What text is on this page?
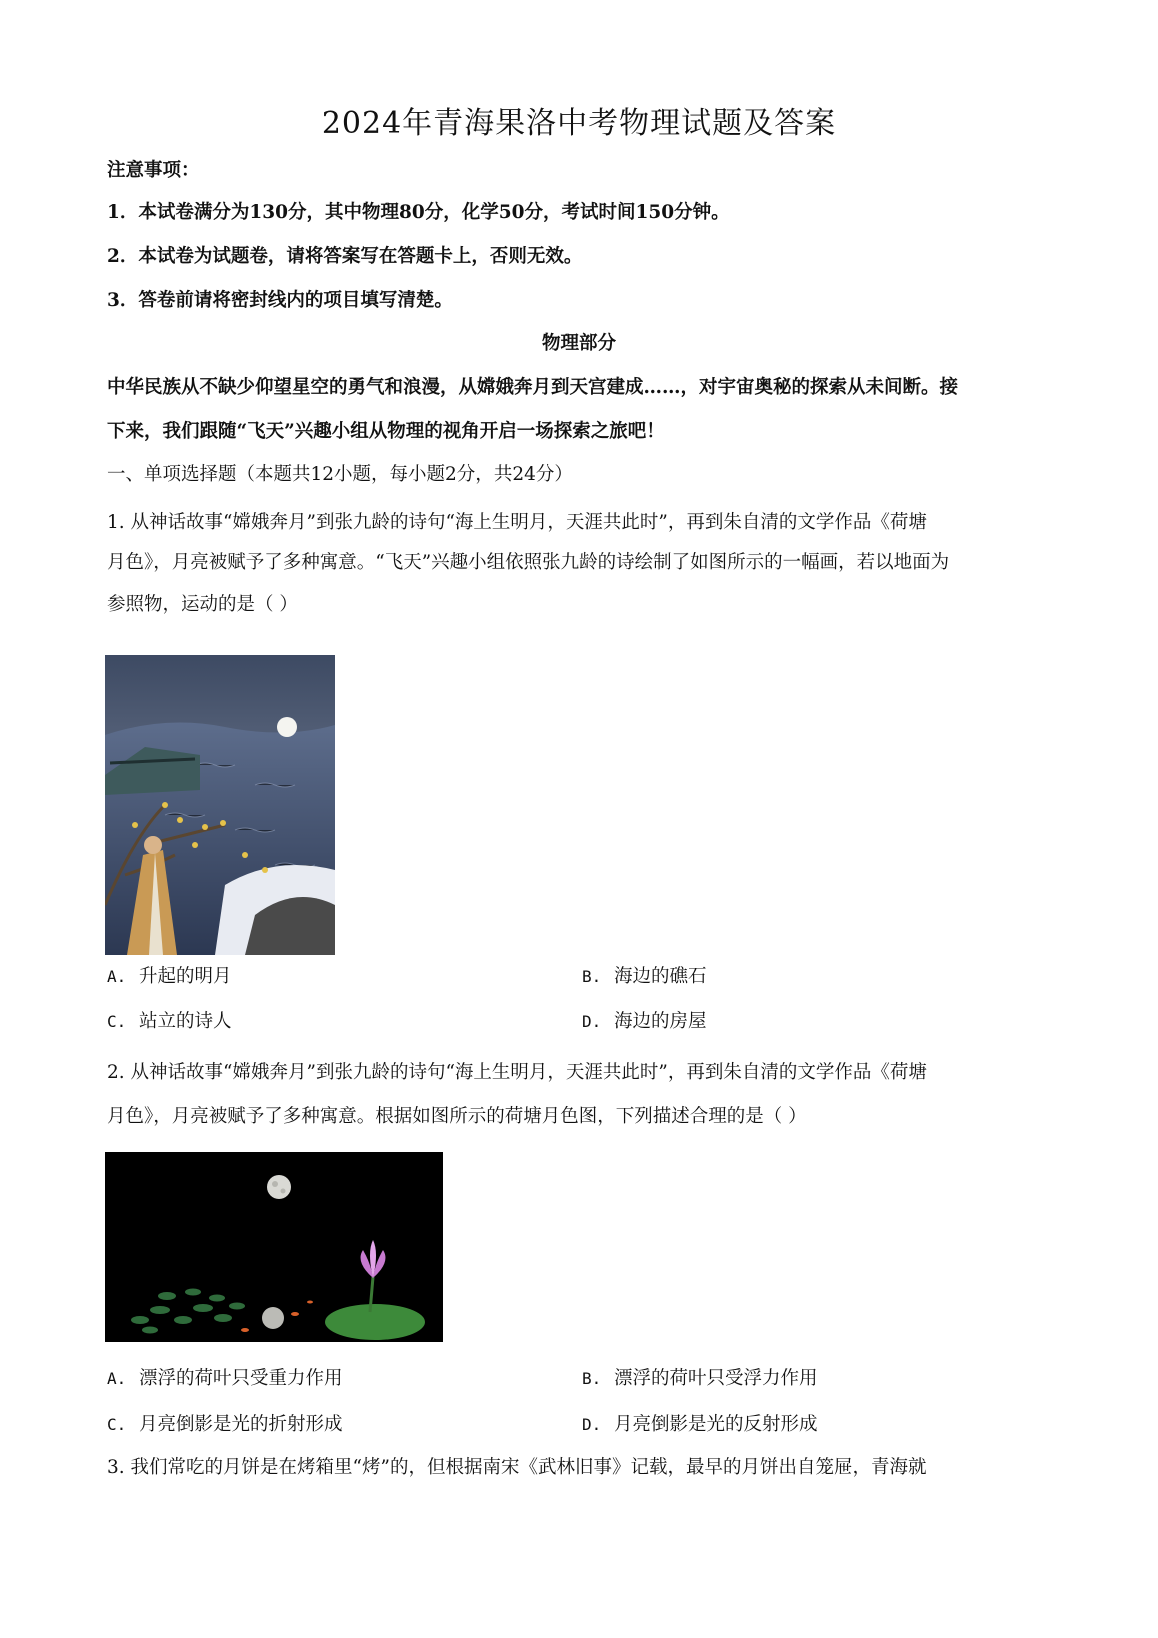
2024年青海果洛中考物理试题及答案
注意事项：
1．本试卷满分为130分，其中物理80分，化学50分，考试时间150分钟。
2．本试卷为试题卷，请将答案写在答题卡上，否则无效。
3．答卷前请将密封线内的项目填写清楚。
物理部分
中华民族从不缺少仰望星空的勇气和浪漫，从嫦娥奔月到天宫建成……，对宇宙奥秘的探索从未间断。接
下来，我们跟随“飞天”兴趣小组从物理的视角开启一场探索之旅吧！
一、单项选择题（本题共12小题，每小题2分，共24分）
1. 从神话故事“嫦娥奔月”到张九龄的诗句“海上生明月，天涯共此时”，再到朱自清的文学作品《荷塘
月色》，月亮被赋予了多种寓意。“飞天”兴趣小组依照张九龄的诗绘制了如图所示的一幅画，若以地面为
参照物，运动的是（ ）
A. 升起的明月	B. 海边的礁石
C. 站立的诗人	D. 海边的房屋
2. 从神话故事“嫦娥奔月”到张九龄的诗句“海上生明月，天涯共此时”，再到朱自清的文学作品《荷塘
月色》，月亮被赋予了多种寓意。根据如图所示的荷塘月色图，下列描述合理的是（ ）
A. 漂浮的荷叶只受重力作用	B. 漂浮的荷叶只受浮力作用
C. 月亮倒影是光的折射形成	D. 月亮倒影是光的反射形成
3. 我们常吃的月饼是在烤箱里“烤”的，但根据南宋《武林旧事》记载，最早的月饼出自笼屉，青海就
